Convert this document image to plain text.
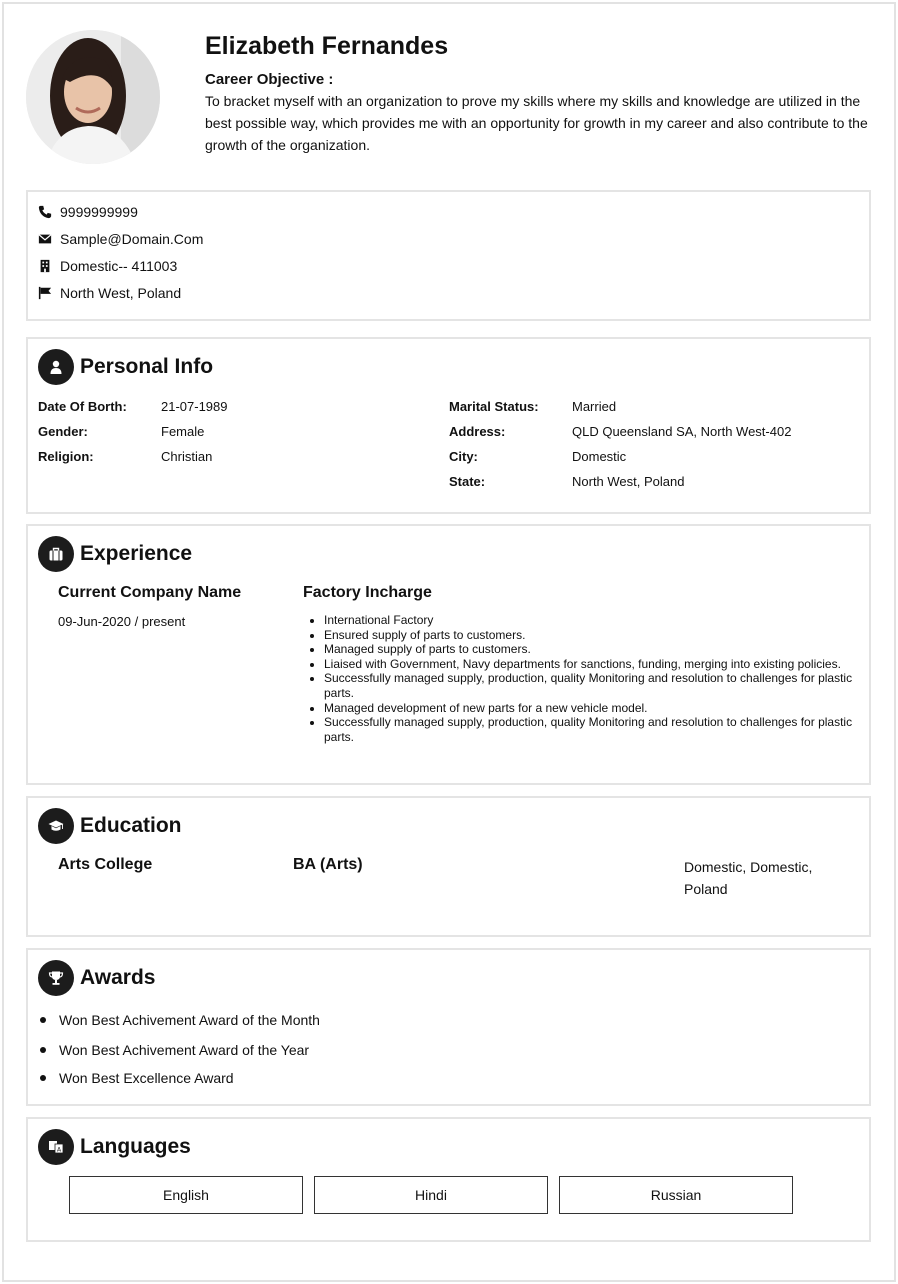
Elizabeth Fernandes
Career Objective :
To bracket myself with an organization to prove my skills where my skills and knowledge are utilized in the best possible way, which provides me with an opportunity for growth in my career and also contribute to the growth of the organization.
9999999999
Sample@Domain.Com
Domestic-- 411003
North West, Poland
Personal Info
Date Of Borth:	21-07-1989
Gender:	Female
Religion:	Christian
Marital Status:	Married
Address:	QLD Queensland SA, North West-402
City:	Domestic
State:	North West, Poland
Experience
Current Company Name
09-Jun-2020 / present
Factory Incharge
• International Factory
• Ensured supply of parts to customers.
• Managed supply of parts to customers.
• Liaised with Government, Navy departments for sanctions, funding, merging into existing policies.
• Successfully managed supply, production, quality Monitoring and resolution to challenges for plastic parts.
• Managed development of new parts for a new vehicle model.
• Successfully managed supply, production, quality Monitoring and resolution to challenges for plastic parts.
Education
Arts College	BA (Arts)	Domestic, Domestic, Poland
Awards
Won Best Achivement Award of the Month
Won Best Achivement Award of the Year
Won Best Excellence Award
A Languages
English	Hindi	Russian
